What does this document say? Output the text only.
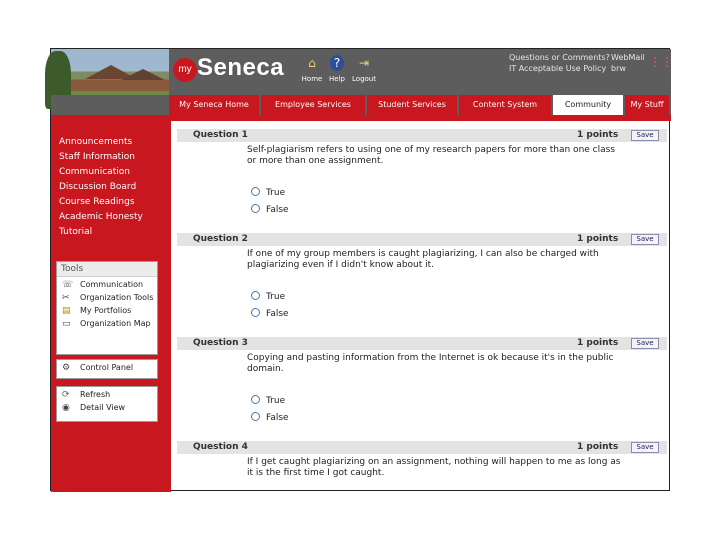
my Seneca	⌂
Home
?
Help
⇥
Logout
Questions or Comments?
IT Acceptable Use Policy
WebMail
brw	⋮⋮
My Seneca Home	Employee Services	Student Services	Content System	Community	My Stuff
Announcements
Staff Information
Communication
Discussion Board
Course Readings
Academic Honesty
Tutorial
Tools
☏ Communication
✂ Organization Tools
▤ My Portfolios
▭ Organization Map
⚙ Control Panel
⟳ Refresh
◉ Detail View
Question 1	1 points	Save
Self-plagiarism refers to using one of my research papers for more than one class or more than one assignment.
True
False
Question 2	1 points	Save
If one of my group members is caught plagiarizing, I can also be charged with plagiarizing even if I didn't know about it.
True
False
Question 3	1 points	Save
Copying and pasting information from the Internet is ok because it's in the public domain.
True
False
Question 4	1 points	Save
If I get caught plagiarizing on an assignment, nothing will happen to me as long as it is the first time I got caught.
